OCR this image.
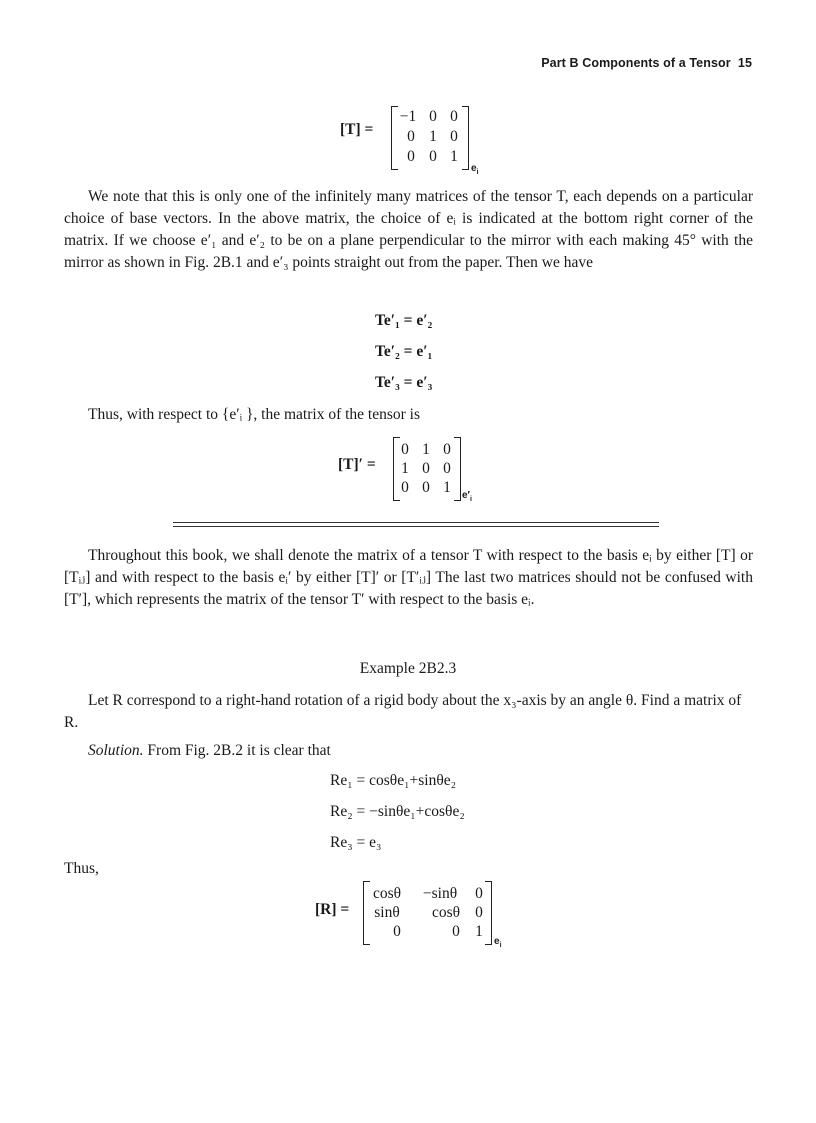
Part B Components of a Tensor 15
[T] =
−1 0 0
0 1 0
0 0 1
$e_i$

We note that this is only one of the infinitely many matrices of the tensor T, each depends on a particular choice of base vectors. In the above matrix, the choice of eᵢ is indicated at the bottom right corner of the matrix. If we choose e′₁ and e′₂ to be on a plane perpendicular to the mirror with each making 45° with the mirror as shown in Fig. 2B.1 and e′₃ points straight out from the paper. Then we have

Te′₁ = e′₂
Te′₂ = e′₁
Te′₃ = e′₃

Thus, with respect to {e′ᵢ }, the matrix of the tensor is

[T]′ =
0 1 0
1 0 0
0 0 1	$e'_i$

Throughout this book, we shall denote the matrix of a tensor T with respect to the basis eᵢ by either [T] or [Tᵢⱼ] and with respect to the basis eᵢ′ by either [T]′ or [T′ᵢⱼ] The last two matrices should not be confused with [T′], which represents the matrix of the tensor T′ with respect to the basis eᵢ.

Example 2B2.3

Let R correspond to a right-hand rotation of a rigid body about the x₃-axis by an angle θ. Find a matrix of R.

Solution. From Fig. 2B.2 it is clear that

Re₁ = cosθe₁+sinθe₂
Re₂ = −sinθe₁+cosθe₂
Re₃ = e₃
Thus,
[R] =
cosθ	−sinθ	0
sinθ	cosθ 0
0	0 1
$e_i$
